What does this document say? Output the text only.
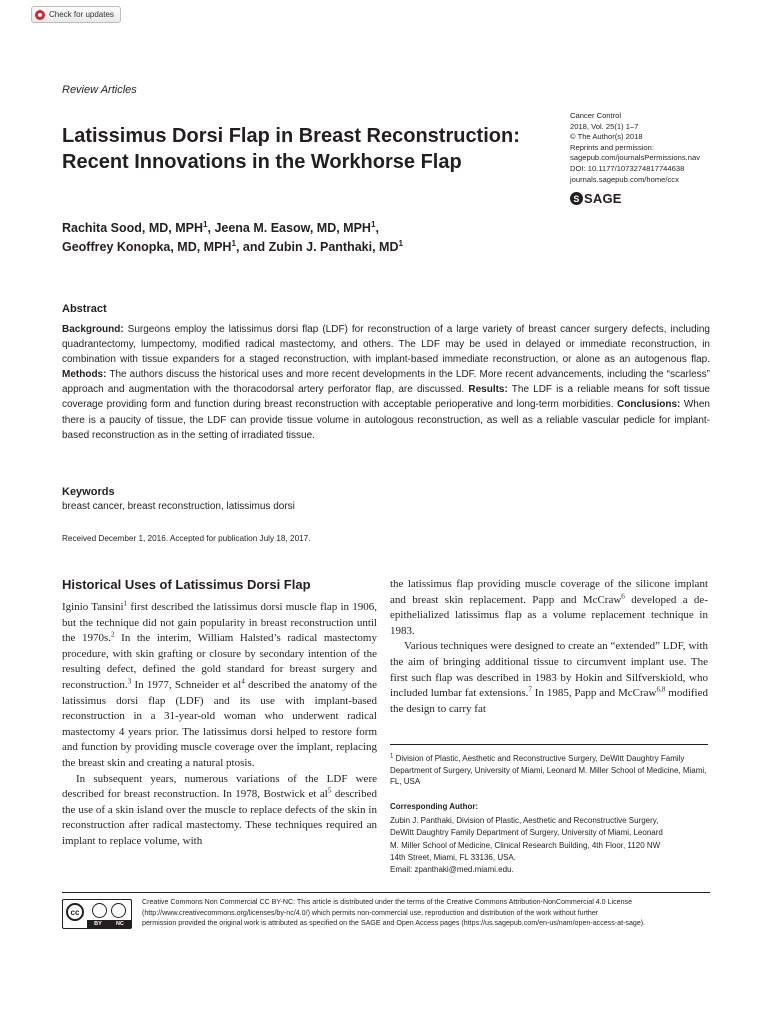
Check for updates
Review Articles
Latissimus Dorsi Flap in Breast Reconstruction:
Recent Innovations in the Workhorse Flap
Cancer Control
2018, Vol. 25(1) 1–7
© The Author(s) 2018
Reprints and permission:
sagepub.com/journalsPermissions.nav
DOI: 10.1177/1073274817744638
journals.sagepub.com/home/ccx
S SAGE
Rachita Sood, MD, MPH$^1$, Jeena M. Easow, MD, MPH$^1$,
Geoffrey Konopka, MD, MPH$^1$, and Zubin J. Panthaki, $MD^1$
Abstract
Background: Surgeons employ the latissimus dorsi flap (LDF) for reconstruction of a large variety of breast cancer surgery defects, including quadrantectomy, lumpectomy, modified radical mastectomy, and others. The LDF may be used in delayed or immediate reconstruction, in combination with tissue expanders for a staged reconstruction, with implant-based immediate reconstruction, or alone as an autogenous flap. Methods: The authors discuss the historical uses and more recent developments in the LDF. More recent advancements, including the “scarless” approach and augmentation with the thoracodorsal artery perforator flap, are discussed. Results: The LDF is a reliable means for soft tissue coverage providing form and function during breast reconstruction with acceptable perioperative and long-term morbidities. Conclusions: When there is a paucity of tissue, the LDF can provide tissue volume in autologous reconstruction, as well as a reliable vascular pedicle for implant-based reconstruction as in the setting of irradiated tissue.
Keywords
breast cancer, breast reconstruction, latissimus dorsi
Received December 1, 2016. Accepted for publication July 18, 2017.
Historical Uses of Latissimus Dorsi Flap

Iginio Tansini$^1$ first described the latissimus dorsi muscle flap in 1906, but the technique did not gain popularity in breast reconstruction until the 1970s.$^2$ In the interim, William Halsted’s radical mastectomy procedure, with skin grafting or closure by secondary intention of the resulting defect, defined the gold standard for breast surgery and reconstruction.$^3$ In 1977, Schneider et $al^4$ described the anatomy of the latissimus dorsi flap (LDF) and its use with implant-based reconstruction in a 31-year-old woman who underwent radical mastectomy 4 years prior. The latissimus dorsi helped to restore form and function by providing muscle coverage over the implant, replacing the breast skin and creating a natural ptosis.

In subsequent years, numerous variations of the LDF were described for breast reconstruction. In 1978, Bostwick et $al^5$ described the use of a skin island over the muscle to replace defects of the skin in reconstruction after radical mastectomy. These techniques required an implant to replace volume, with

the latissimus flap providing muscle coverage of the silicone implant and breast skin replacement. Papp and McCraw$^6$ developed a de-epithelialized latissimus flap as a volume replacement technique in 1983.

Various techniques were designed to create an “extended” LDF, with the aim of bringing additional tissue to circumvent implant use. The first such flap was described in 1983 by Hokin and Silfverskiold, who included lumbar fat extensions.$^7$ In 1985, Papp and McCraw$^{6,8}$ modified the design to carry fat

$^1$ Division of Plastic, Aesthetic and Reconstructive Surgery, DeWitt Daughtry Family Department of Surgery, University of Miami, Leonard M. Miller School of Medicine, Miami, FL, USA
Corresponding Author:
Zubin J. Panthaki, Division of Plastic, Aesthetic and Reconstructive Surgery,
DeWitt Daughtry Family Department of Surgery, University of Miami, Leonard
M. Miller School of Medicine, Clinical Research Building, 4th Floor, 1120 NW
14th Street, Miami, FL 33136, USA.
Email: zpanthaki@med.miami.edu.
cc
BY	NC
Creative Commons Non Commercial CC BY-NC: This article is distributed under the terms of the Creative Commons Attribution-NonCommercial 4.0 License
(http://www.creativecommons.org/licenses/by-nc/4.0/) which permits non-commercial use, reproduction and distribution of the work without further
permission provided the original work is attributed as specified on the SAGE and Open Access pages (https://us.sagepub.com/en-us/nam/open-access-at-sage).
